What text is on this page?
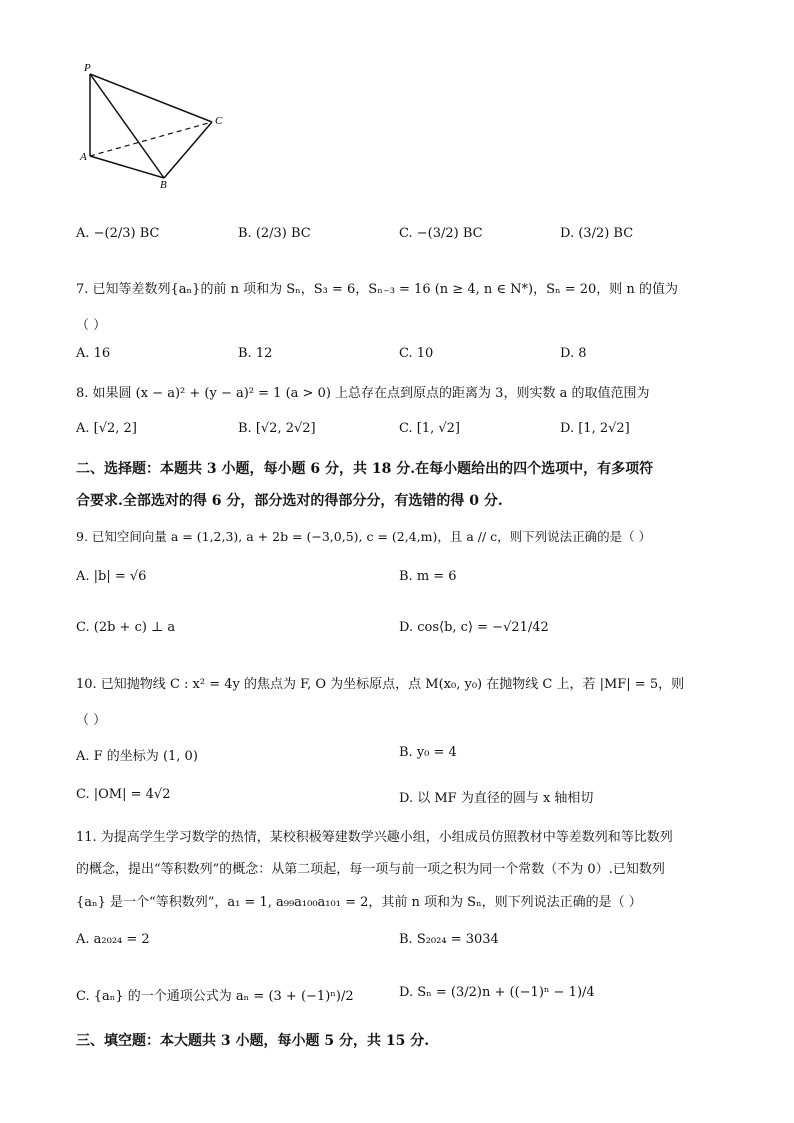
P
A
B
C
A. −(2/3) BC	B. (2/3) BC	C. −(3/2) BC	D. (3/2) BC
7. 已知等差数列{aₙ}的前 n 项和为 Sₙ，S₃ = 6，Sₙ₋₃ = 16 (n ≥ 4, n ∈ N*)，Sₙ = 20，则 n 的值为
（ ）
A. 16	B. 12	C. 10	D. 8
8. 如果圆 (x − a)² + (y − a)² = 1 (a > 0) 上总存在点到原点的距离为 3，则实数 a 的取值范围为
A. [√2, 2]	B. [√2, 2√2]	C. [1, √2]	D. [1, 2√2]
二、选择题：本题共 3 小题，每小题 6 分，共 18 分.在每小题给出的四个选项中，有多项符
合要求.全部选对的得 6 分，部分选对的得部分分，有选错的得 0 分.
9. 已知空间向量 a = (1,2,3), a + 2b = (−3,0,5), c = (2,4,m)，且 a // c，则下列说法正确的是（ ）
A. |b| = √6	B. m = 6
C. (2b + c) ⊥ a	D. cos⟨b, c⟩ = −√21/42
10. 已知抛物线 C : x² = 4y 的焦点为 F, O 为坐标原点，点 M(x₀, y₀) 在抛物线 C 上，若 |MF| = 5，则
（ ）
A. F 的坐标为 (1, 0)	B. y₀ = 4
C. |OM| = 4√2	D. 以 MF 为直径的圆与 x 轴相切
11. 为提高学生学习数学的热情，某校积极筹建数学兴趣小组，小组成员仿照教材中等差数列和等比数列
的概念，提出“等积数列”的概念：从第二项起，每一项与前一项之积为同一个常数（不为 0）.已知数列
{aₙ} 是一个“等积数列”，a₁ = 1, a₉₉a₁₀₀a₁₀₁ = 2，其前 n 项和为 Sₙ，则下列说法正确的是（ ）
A. a₂₀₂₄ = 2	B. S₂₀₂₄ = 3034
C. {aₙ} 的一个通项公式为 aₙ = (3 + (−1)ⁿ)/2	D. Sₙ = (3/2)n + ((−1)ⁿ − 1)/4
三、填空题：本大题共 3 小题，每小题 5 分，共 15 分.
